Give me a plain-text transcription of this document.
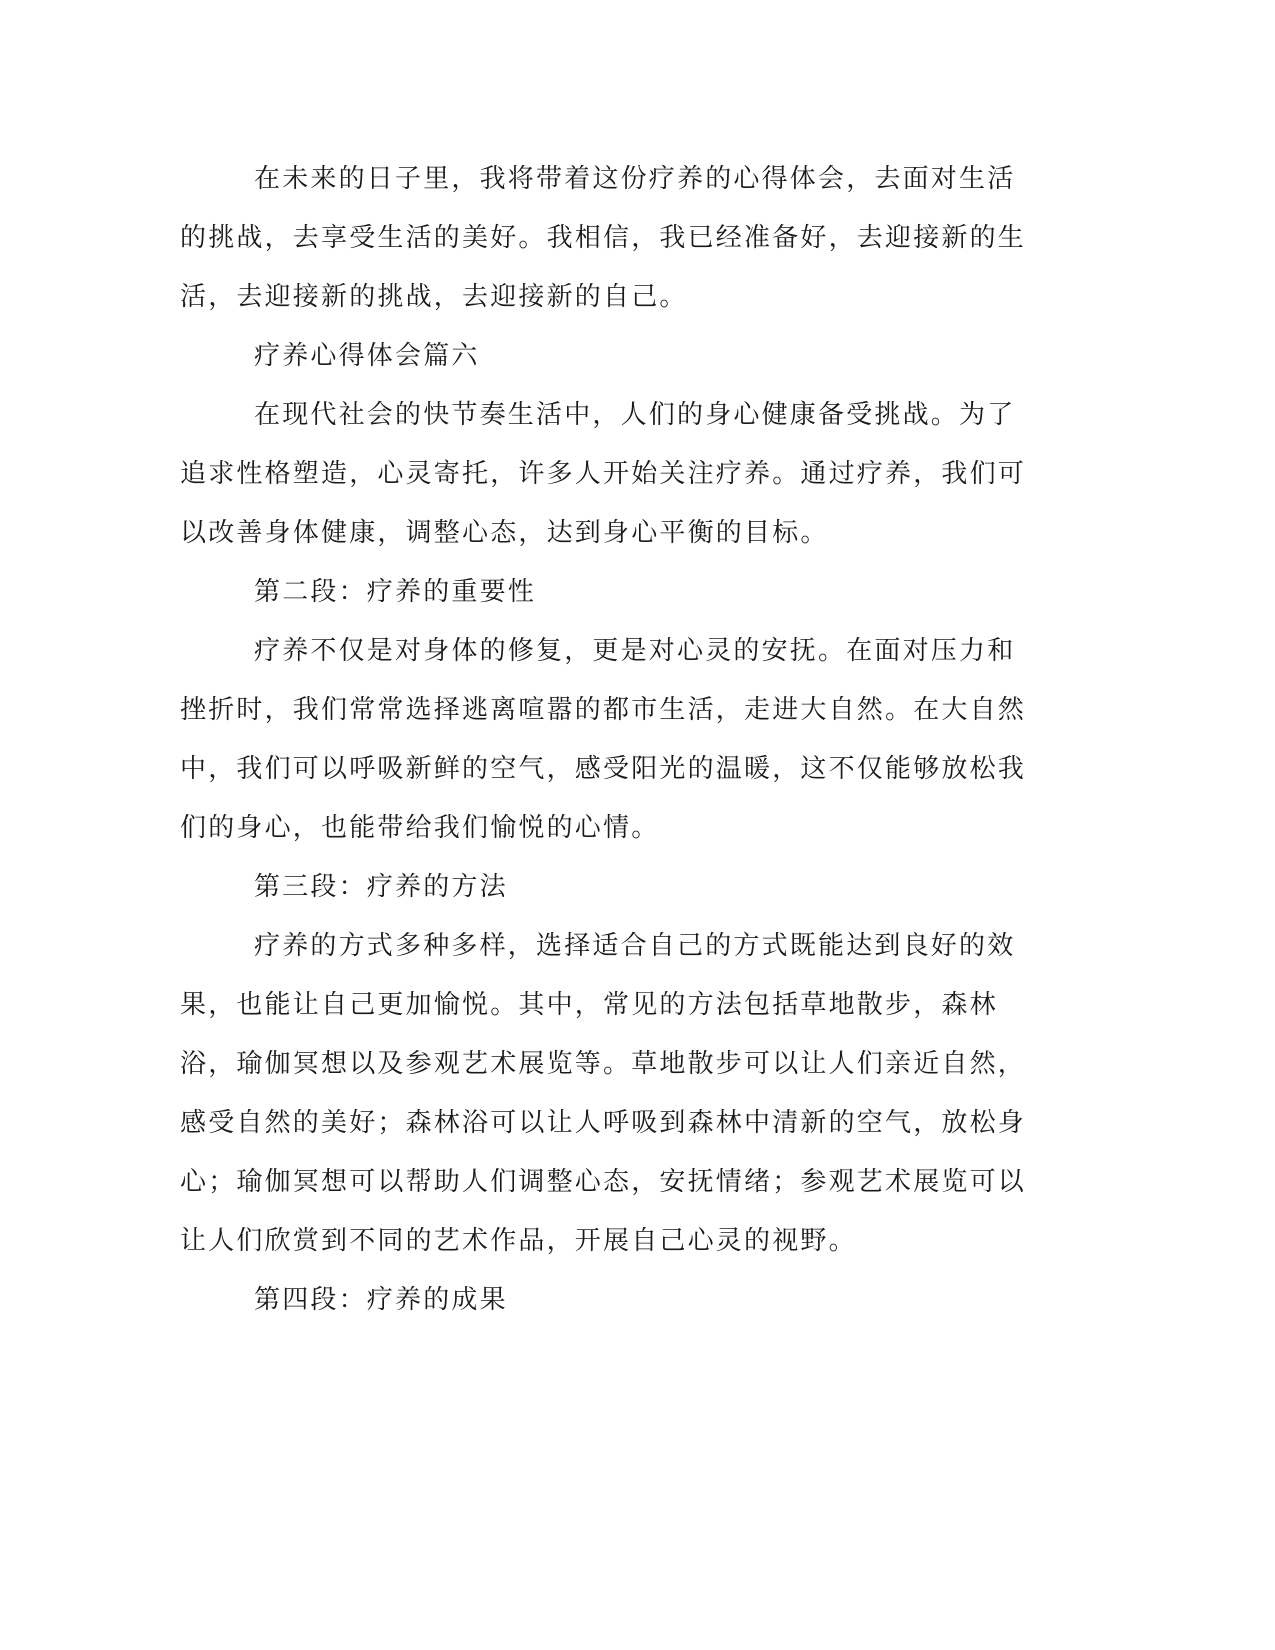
在未来的日子里，我将带着这份疗养的心得体会，去面对生活的挑战，去享受生活的美好。我相信，我已经准备好，去迎接新的生活，去迎接新的挑战，去迎接新的自己。

疗养心得体会篇六

在现代社会的快节奏生活中，人们的身心健康备受挑战。为了追求性格塑造，心灵寄托，许多人开始关注疗养。通过疗养，我们可以改善身体健康，调整心态，达到身心平衡的目标。

第二段：疗养的重要性

疗养不仅是对身体的修复，更是对心灵的安抚。在面对压力和挫折时，我们常常选择逃离喧嚣的都市生活，走进大自然。在大自然中，我们可以呼吸新鲜的空气，感受阳光的温暖，这不仅能够放松我们的身心，也能带给我们愉悦的心情。

第三段：疗养的方法

疗养的方式多种多样，选择适合自己的方式既能达到良好的效果，也能让自己更加愉悦。其中，常见的方法包括草地散步，森林浴，瑜伽冥想以及参观艺术展览等。草地散步可以让人们亲近自然，感受自然的美好；森林浴可以让人呼吸到森林中清新的空气，放松身心；瑜伽冥想可以帮助人们调整心态，安抚情绪；参观艺术展览可以让人们欣赏到不同的艺术作品，开展自己心灵的视野。

第四段：疗养的成果
